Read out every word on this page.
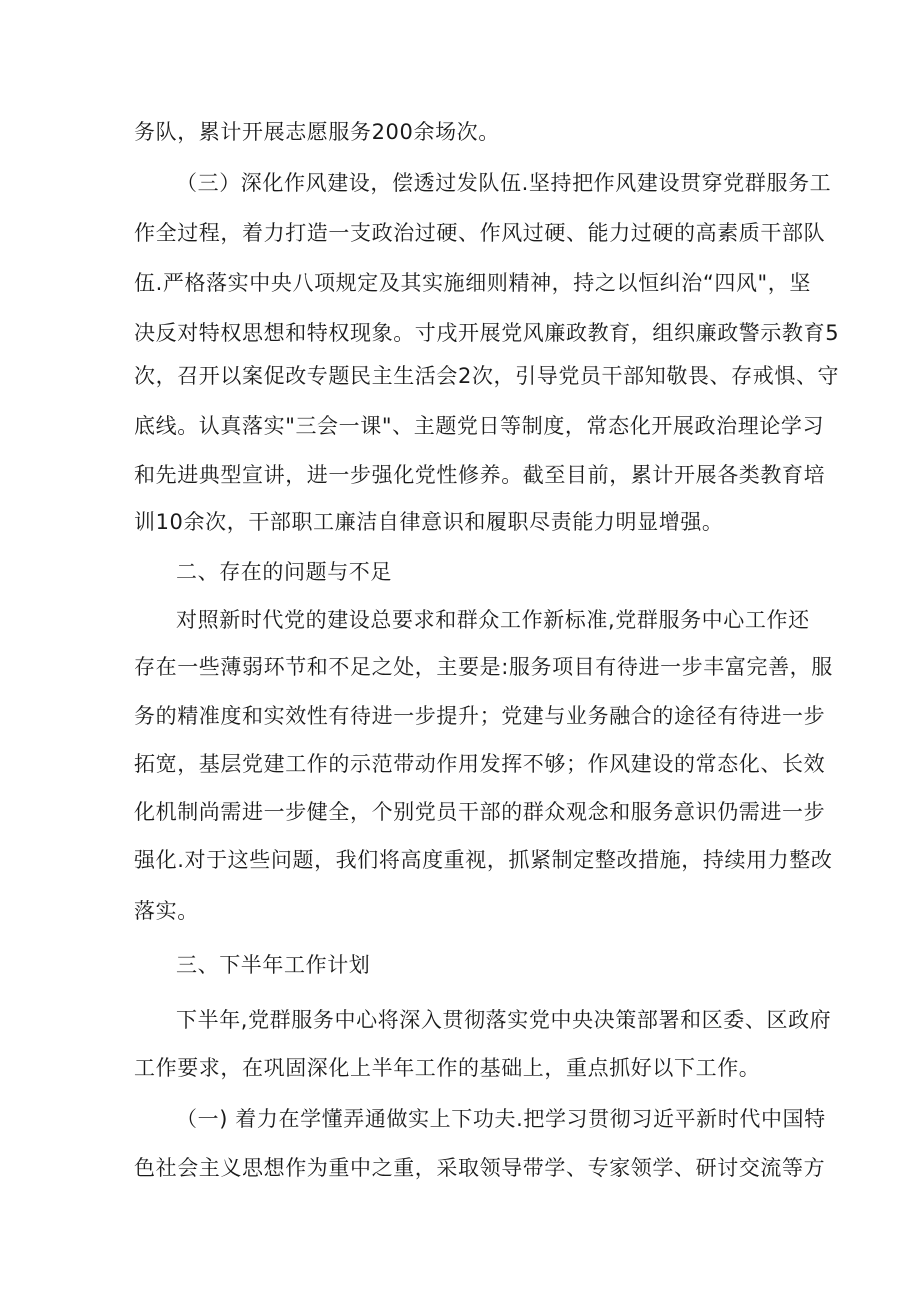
务队，累计开展志愿服务200余场次。
（三）深化作风建设，偿透过发队伍.坚持把作风建设贯穿党群服务工
作全过程，着力打造一支政治过硬、作风过硬、能力过硬的高素质干部队
伍.严格落实中央八项规定及其实施细则精神，持之以恒纠治“四风"，坚
决反对特权思想和特权现象。寸戌开展党风廉政教育，组织廉政警示教育5
次，召开以案促改专题民主生活会2次，引导党员干部知敬畏、存戒惧、守
底线。认真落实"三会一课"、主题党日等制度，常态化开展政治理论学习
和先进典型宣讲，进一步强化党性修养。截至目前，累计开展各类教育培
训10余次，干部职工廉洁自律意识和履职尽责能力明显增强。
二、存在的问题与不足
对照新时代党的建设总要求和群众工作新标准,党群服务中心工作还
存在一些薄弱环节和不足之处，主要是:服务项目有待进一步丰富完善，服
务的精准度和实效性有待进一步提升；党建与业务融合的途径有待进一步
拓宽，基层党建工作的示范带动作用发挥不够；作风建设的常态化、长效
化机制尚需进一步健全，个别党员干部的群众观念和服务意识仍需进一步
强化.对于这些问题，我们将高度重视，抓紧制定整改措施，持续用力整改
落实。
三、下半年工作计划
下半年,党群服务中心将深入贯彻落实党中央决策部署和区委、区政府
工作要求，在巩固深化上半年工作的基础上，重点抓好以下工作。
（一) 着力在学懂弄通做实上下功夫.把学习贯彻习近平新时代中国特
色社会主义思想作为重中之重，采取领导带学、专家领学、研讨交流等方
